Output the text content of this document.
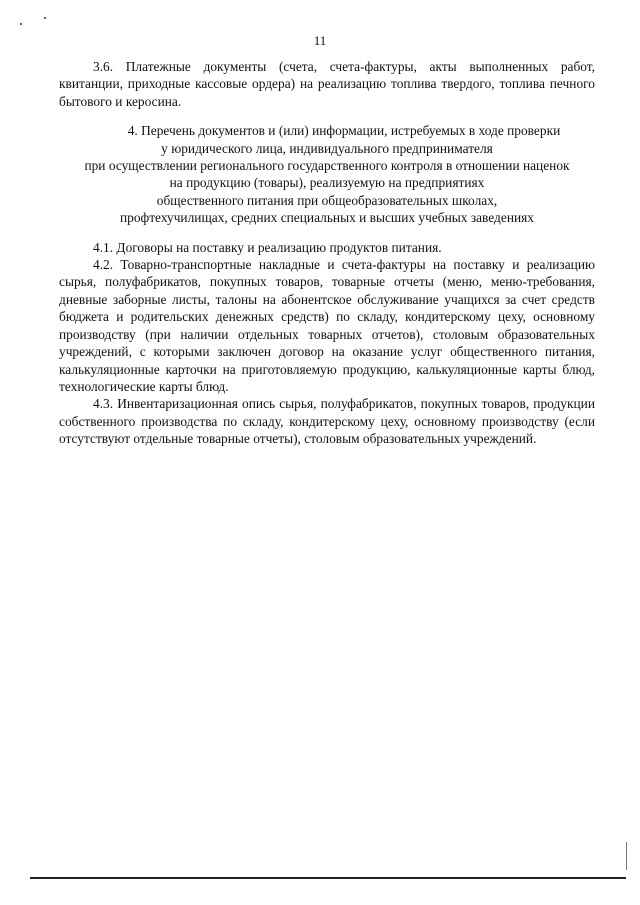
11

3.6. Платежные документы (счета, счета-фактуры, акты выполненных работ, квитанции, приходные кассовые ордера) на реализацию топлива твердого, топлива печного бытового и керосина.

4. Перечень документов и (или) информации, истребуемых в ходе проверки
у юридического лица, индивидуального предпринимателя
при осуществлении регионального государственного контроля в отношении наценок
на продукцию (товары), реализуемую на предприятиях
общественного питания при общеобразовательных школах,
профтехучилищах, средних специальных и высших учебных заведениях

4.1. Договоры на поставку и реализацию продуктов питания.

4.2. Товарно-транспортные накладные и счета-фактуры на поставку и реализацию сырья, полуфабрикатов, покупных товаров, товарные отчеты (меню, меню-требования, дневные заборные листы, талоны на абонентское обслуживание учащихся за счет средств бюджета и родительских денежных средств) по складу, кондитерскому цеху, основному производству (при наличии отдельных товарных отчетов), столовым образовательных учреждений, с которыми заключен договор на оказание услуг общественного питания, калькуляционные карточки на приготовляемую продукцию, калькуляционные карты блюд, технологические карты блюд.

4.3. Инвентаризационная опись сырья, полуфабрикатов, покупных товаров, продукции собственного производства по складу, кондитерскому цеху, основному производству (если отсутствуют отдельные товарные отчеты), столовым образовательных учреждений.
